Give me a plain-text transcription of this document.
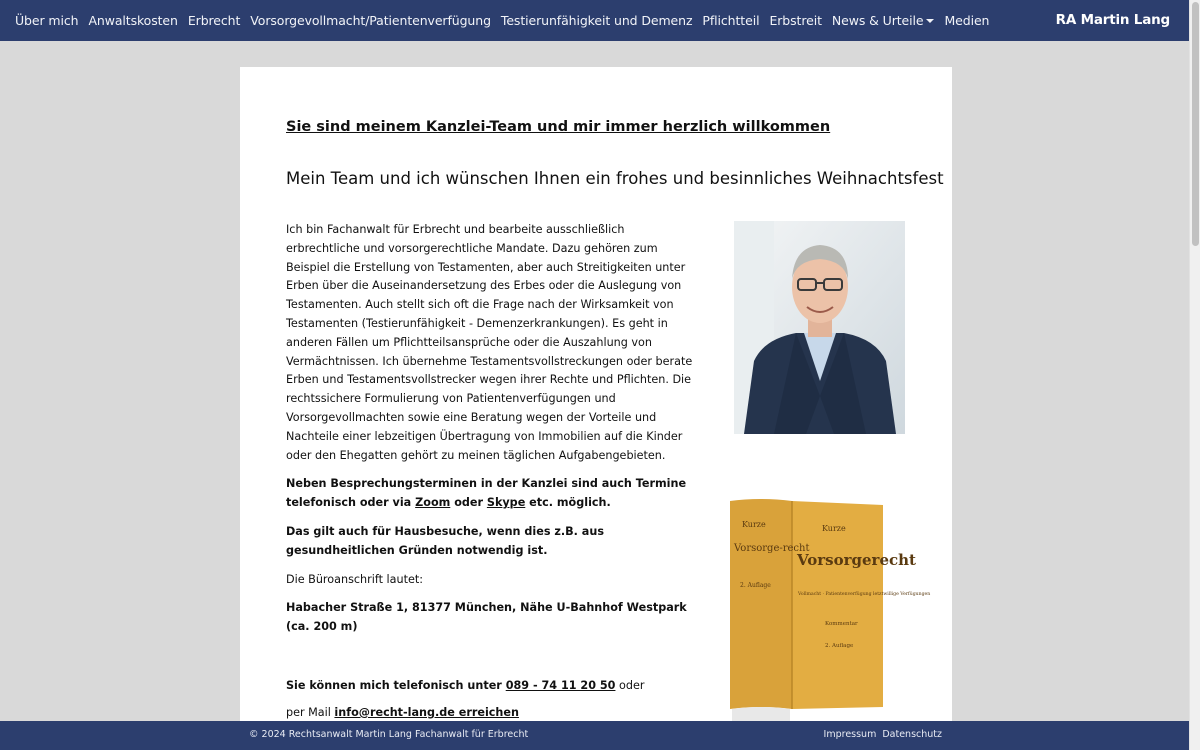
Über mich Anwaltskosten Erbrecht Vorsorgevollmacht/Patientenverfügung Testierunfähigkeit und Demenz Pflichtteil Erbstreit News & Urteile	Medien	RA Martin Lang
Sie sind meinem Kanzlei-Team und mir immer herzlich willkommen
Mein Team und ich wünschen Ihnen ein frohes und besinnliches Weihnachtsfest

Ich bin Fachanwalt für Erbrecht und bearbeite ausschließlich erbrechtliche und vorsorgerechtliche Mandate. Dazu gehören zum Beispiel die Erstellung von Testamenten, aber auch Streitigkeiten unter Erben über die Auseinandersetzung des Erbes oder die Auslegung von Testamenten. Auch stellt sich oft die Frage nach der Wirksamkeit von Testamenten (Testierunfähigkeit - Demenzerkrankungen). Es geht in anderen Fällen um Pflichtteilsansprüche oder die Auszahlung von Vermächtnissen. Ich übernehme Testamentsvollstreckungen oder berate Erben und Testamentsvollstrecker wegen ihrer Rechte und Pflichten. Die rechtssichere Formulierung von Patientenverfügungen und Vorsorgevollmachten sowie eine Beratung wegen der Vorteile und Nachteile einer lebzeitigen Übertragung von Immobilien auf die Kinder oder den Ehegatten gehört zu meinen täglichen Aufgabengebieten.

Neben Besprechungsterminen in der Kanzlei sind auch Termine telefonisch oder via Zoom oder Skype etc. möglich.

Das gilt auch für Hausbesuche, wenn dies z.B. aus gesundheitlichen Gründen notwendig ist.

Die Büroanschrift lautet:

Habacher Straße 1, 81377 München, Nähe U-Bahnhof Westpark (ca. 200 m)

Sie können mich telefonisch unter 089 - 74 11 20 50 oder

per Mail info@recht-lang.de erreichen

Kurze
Vorsorge-recht
2. Auflage
Kurze
Vorsorgerecht
Vollmacht · Patientenverfügung letztwillige Verfügungen
Kommentar
2. Auflage
© 2024 Rechtsanwalt Martin Lang Fachanwalt für Erbrecht	Impressum Datenschutz
